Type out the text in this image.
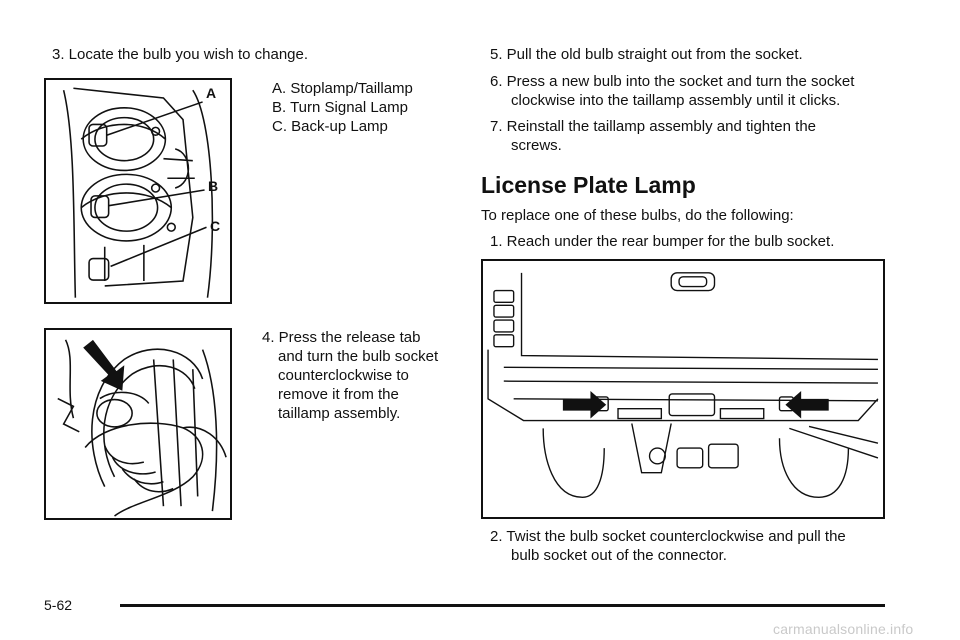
3. Locate the bulb you wish to change.
A
B
C
A. Stoplamp/Taillamp
B. Turn Signal Lamp
C. Back-up Lamp
4. Press the release tab
and turn the bulb socket
counterclockwise to
remove it from the
taillamp assembly.
5. Pull the old bulb straight out from the socket.
6. Press a new bulb into the socket and turn the socket
clockwise into the taillamp assembly until it clicks.
7. Reinstall the taillamp assembly and tighten the
screws.
License Plate Lamp
To replace one of these bulbs, do the following:
1. Reach under the rear bumper for the bulb socket.
2. Twist the bulb socket counterclockwise and pull the
bulb socket out of the connector.
5-62
carmanualsonline.info
